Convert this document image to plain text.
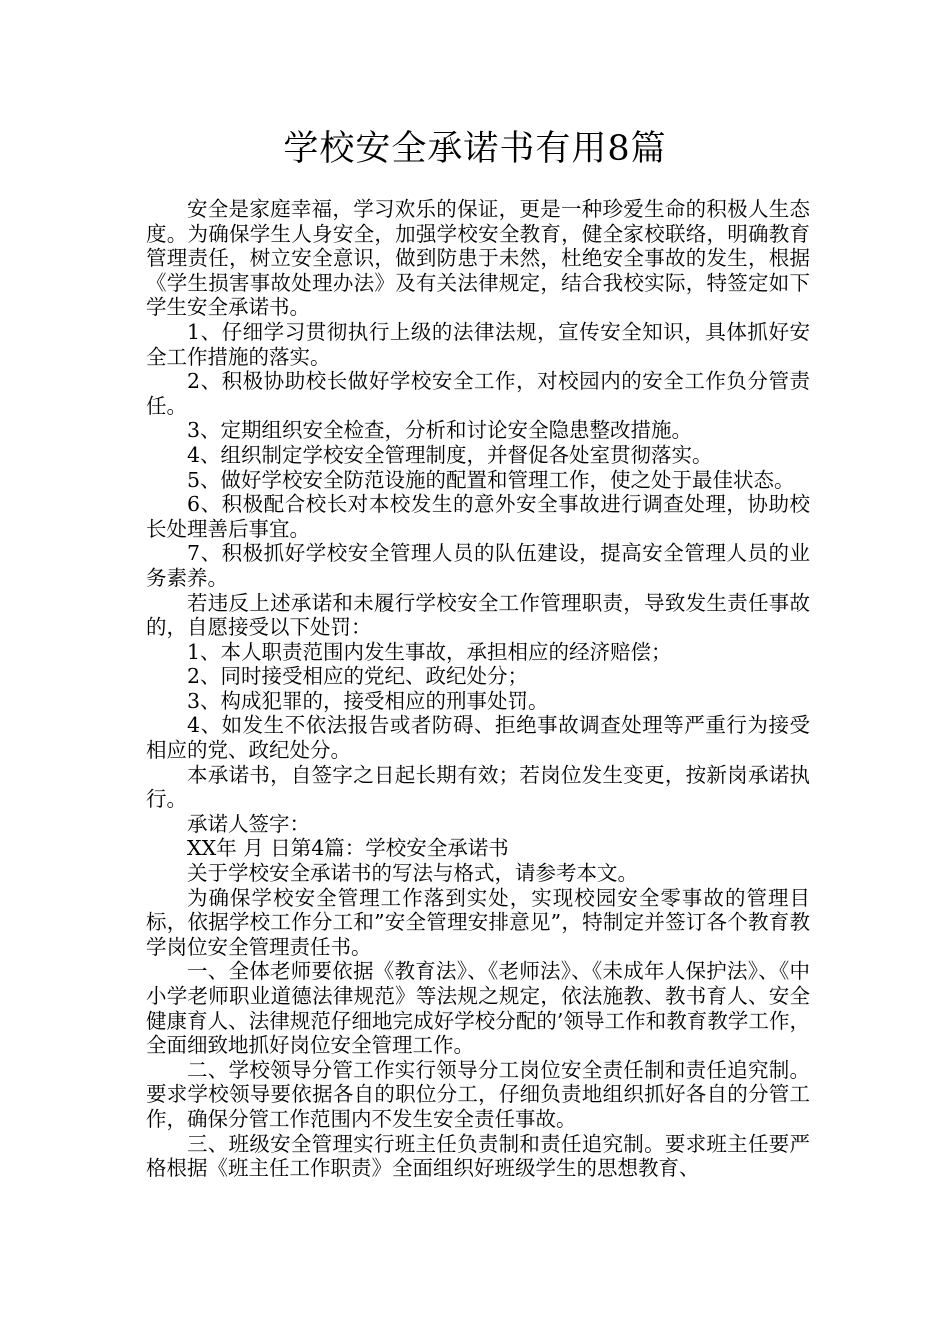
学校安全承诺书有用8篇

安全是家庭幸福，学习欢乐的保证，更是一种珍爱生命的积极人生态度。为确保学生人身安全，加强学校安全教育，健全家校联络，明确教育管理责任，树立安全意识，做到防患于未然，杜绝安全事故的发生，根据《学生损害事故处理办法》及有关法律规定，结合我校实际，特签定如下学生安全承诺书。

1、仔细学习贯彻执行上级的法律法规，宣传安全知识，具体抓好安全工作措施的落实。

2、积极协助校长做好学校安全工作，对校园内的安全工作负分管责任。

3、定期组织安全检查，分析和讨论安全隐患整改措施。

4、组织制定学校安全管理制度，并督促各处室贯彻落实。

5、做好学校安全防范设施的配置和管理工作，使之处于最佳状态。

6、积极配合校长对本校发生的意外安全事故进行调查处理，协助校长处理善后事宜。

7、积极抓好学校安全管理人员的队伍建设，提高安全管理人员的业务素养。

若违反上述承诺和未履行学校安全工作管理职责，导致发生责任事故的，自愿接受以下处罚：

1、本人职责范围内发生事故，承担相应的经济赔偿；

2、同时接受相应的党纪、政纪处分；

3、构成犯罪的，接受相应的刑事处罚。

4、如发生不依法报告或者防碍、拒绝事故调查处理等严重行为接受相应的党、政纪处分。

本承诺书，自签字之日起长期有效；若岗位发生变更，按新岗承诺执行。

承诺人签字：

XX年 月 日第4篇：学校安全承诺书

关于学校安全承诺书的写法与格式，请参考本文。

为确保学校安全管理工作落到实处，实现校园安全零事故的管理目标，依据学校工作分工和”安全管理安排意见”，特制定并签订各个教育教学岗位安全管理责任书。

一、全体老师要依据《教育法》、《老师法》、《未成年人保护法》、《中小学老师职业道德法律规范》等法规之规定，依法施教、教书育人、安全健康育人、法律规范仔细地完成好学校分配的’领导工作和教育教学工作，全面细致地抓好岗位安全管理工作。

二、学校领导分管工作实行领导分工岗位安全责任制和责任追究制。要求学校领导要依据各自的职位分工，仔细负责地组织抓好各自的分管工作，确保分管工作范围内不发生安全责任事故。

三、班级安全管理实行班主任负责制和责任追究制。要求班主任要严格根据《班主任工作职责》全面组织好班级学生的思想教育、
